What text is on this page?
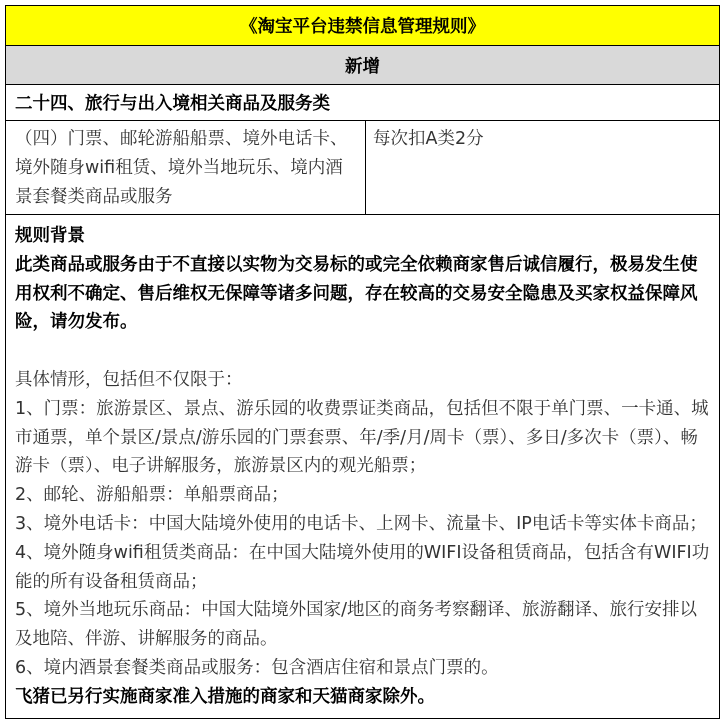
《淘宝平台违禁信息管理规则》
新增
二十四、旅行与出入境相关商品及服务类
（四）门票、邮轮游船船票、境外电话卡、境外随身wifi租赁、境外当地玩乐、境内酒景套餐类商品或服务
每次扣A类2分
规则背景
此类商品或服务由于不直接以实物为交易标的或完全依赖商家售后诚信履行，极易发生使用权利不确定、售后维权无保障等诸多问题，存在较高的交易安全隐患及买家权益保障风险，请勿发布。
具体情形，包括但不仅限于：
1、门票：旅游景区、景点、游乐园的收费票证类商品，包括但不限于单门票、一卡通、城市通票，单个景区/景点/游乐园的门票套票、年/季/月/周卡（票）、多日/多次卡（票）、畅游卡（票）、电子讲解服务，旅游景区内的观光船票；
2、邮轮、游船船票：单船票商品；
3、境外电话卡：中国大陆境外使用的电话卡、上网卡、流量卡、IP电话卡等实体卡商品；
4、境外随身wifi租赁类商品：在中国大陆境外使用的WIFI设备租赁商品，包括含有WIFI功能的所有设备租赁商品；
5、境外当地玩乐商品：中国大陆境外国家/地区的商务考察翻译、旅游翻译、旅行安排以及地陪、伴游、讲解服务的商品。
6、境内酒景套餐类商品或服务：包含酒店住宿和景点门票的。
飞猪已另行实施商家准入措施的商家和天猫商家除外。
